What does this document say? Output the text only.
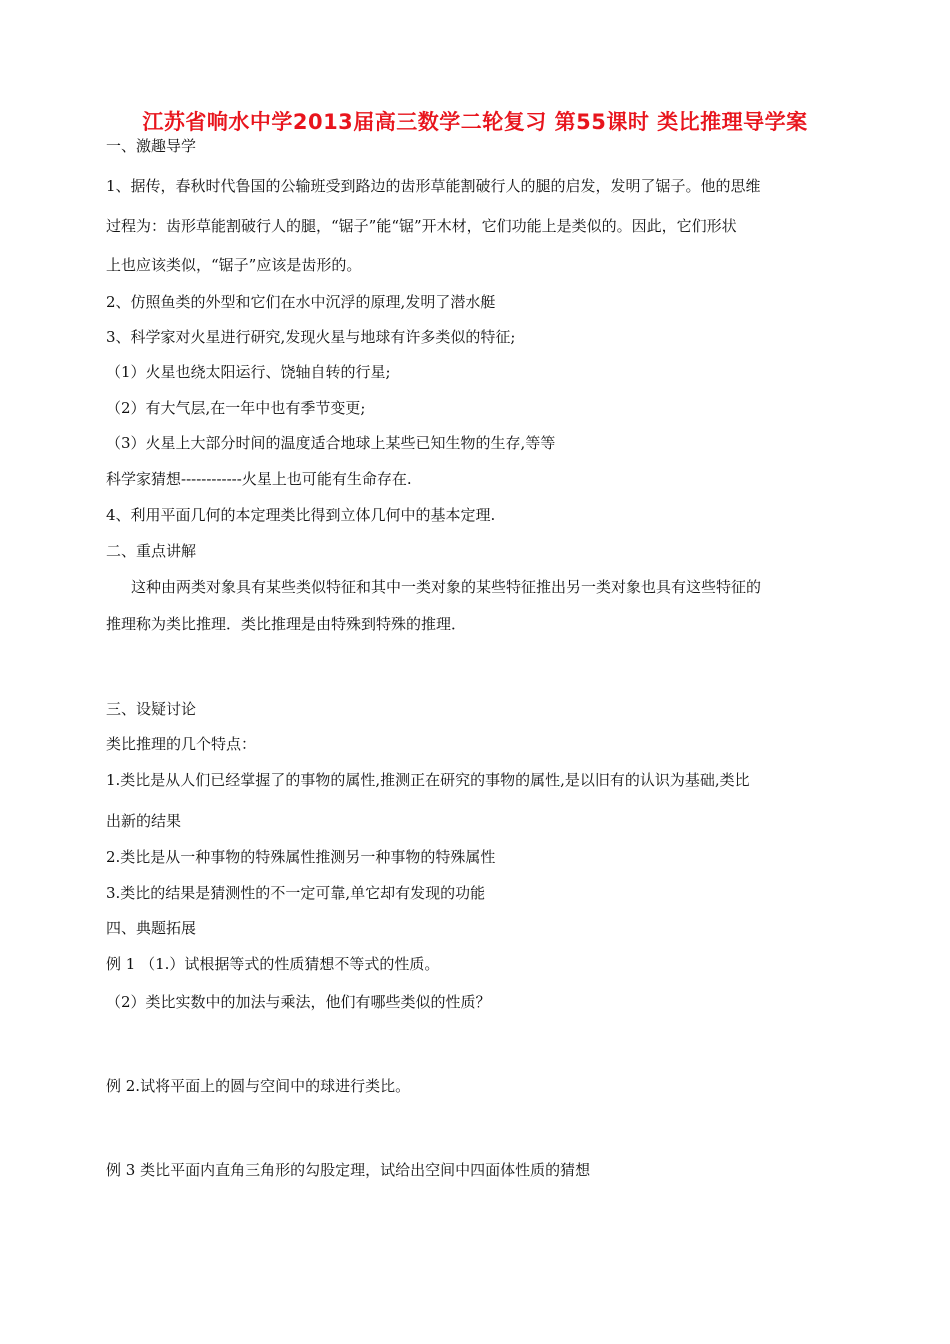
江苏省响水中学2013届高三数学二轮复习 第55课时 类比推理导学案
一、激趣导学
1、据传，春秋时代鲁国的公输班受到路边的齿形草能割破行人的腿的启发，发明了锯子。他的思维
过程为：齿形草能割破行人的腿，“锯子”能“锯”开木材，它们功能上是类似的。因此，它们形状
上也应该类似，“锯子”应该是齿形的。
2、仿照鱼类的外型和它们在水中沉浮的原理,发明了潜水艇
3、科学家对火星进行研究,发现火星与地球有许多类似的特征;
（1）火星也绕太阳运行、饶轴自转的行星;
（2）有大气层,在一年中也有季节变更;
（3）火星上大部分时间的温度适合地球上某些已知生物的生存,等等
科学家猜想------------火星上也可能有生命存在.
4、利用平面几何的本定理类比得到立体几何中的基本定理.
二、重点讲解
这种由两类对象具有某些类似特征和其中一类对象的某些特征推出另一类对象也具有这些特征的
推理称为类比推理．类比推理是由特殊到特殊的推理．
三、设疑讨论
类比推理的几个特点：
1.类比是从人们已经掌握了的事物的属性,推测正在研究的事物的属性,是以旧有的认识为基础,类比
出新的结果
2.类比是从一种事物的特殊属性推测另一种事物的特殊属性
3.类比的结果是猜测性的不一定可靠,单它却有发现的功能
四、典题拓展
例 1 （1.）试根据等式的性质猜想不等式的性质。
（2）类比实数中的加法与乘法，他们有哪些类似的性质？
例 2.试将平面上的圆与空间中的球进行类比。
例 3 类比平面内直角三角形的勾股定理，试给出空间中四面体性质的猜想
